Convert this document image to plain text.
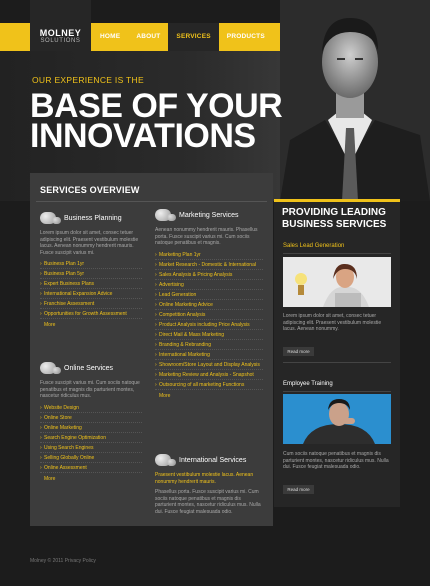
MOLNEY
SOLUTIONS
HOME	ABOUT	SERVICES	PRODUCTS
OUR EXPERIENCE IS THE
BASE OF YOUR
INNOVATIONS
SERVICES OVERVIEW
Business Planning
Lorem ipsum dolor sit amet, consec tetuer adipiscing elit. Praesent vestibulum molestie lacus. Aenean nonummy hendrerit mauris. Fusce suscipit varius mi.
› Business Plan 1yr
› Business Plan 5yr
› Expert Business Plans
› International Expansion Advice
› Franchise Assessment
› Opportunities for Growth Assessment
More
Online Services
Fusce suscipit varius mi. Cum sociis natoque penatibus et magnis dis parturient montes, nascetur ridiculus mus.
› Website Design
› Online Store
› Online Marketing
› Search Engine Optimization
› Using Search Engines
› Selling Globally Online
› Online Assessment
More
Marketing Services
Aenean nonummy hendrerit mauris. Phasellus porta. Fusce suscipit varius mi. Cum sociis natoque penatibus et magnis.
› Marketing Plan 1yr
› Market Research - Domestic & International
› Sales Analysis & Pricing Analysis
› Advertising
› Lead Generation
› Online Marketing Advice
› Competition Analysis
› Product Analysis including Price Analysis
› Direct Mail & Mass Marketing
› Branding & Rebranding
› International Marketing
› Showroom/Store Layout and Display Analysis
› Marketing Review and Analysis - Snapshot
› Outsourcing of all marketing Functions
More
International Services
Praesent vestibulum molestie lacus. Aenean nonummy hendrerit mauris.
Phasellus porta. Fusce suscipit varius mi. Cum sociis natoque penatibus et magnis dis parturient montes, nascetur ridiculus mus. Nulla dui. Fusce feugiat malesuada odio.
PROVIDING LEADING BUSINESS SERVICES
Sales Lead Generation
Lorem ipsum dolor sit amet, consec tetuer adipiscing elit. Praesent vestibulum molestie lacus. Aenean nonummy.
Read more
Employee Training
Cum sociis natoque penatibus et magnis dis parturient montes, nascetur ridiculus mus. Nulla dui. Fusce feugiat malesuada odio.
Read more
Molney © 2011 Privacy Policy
